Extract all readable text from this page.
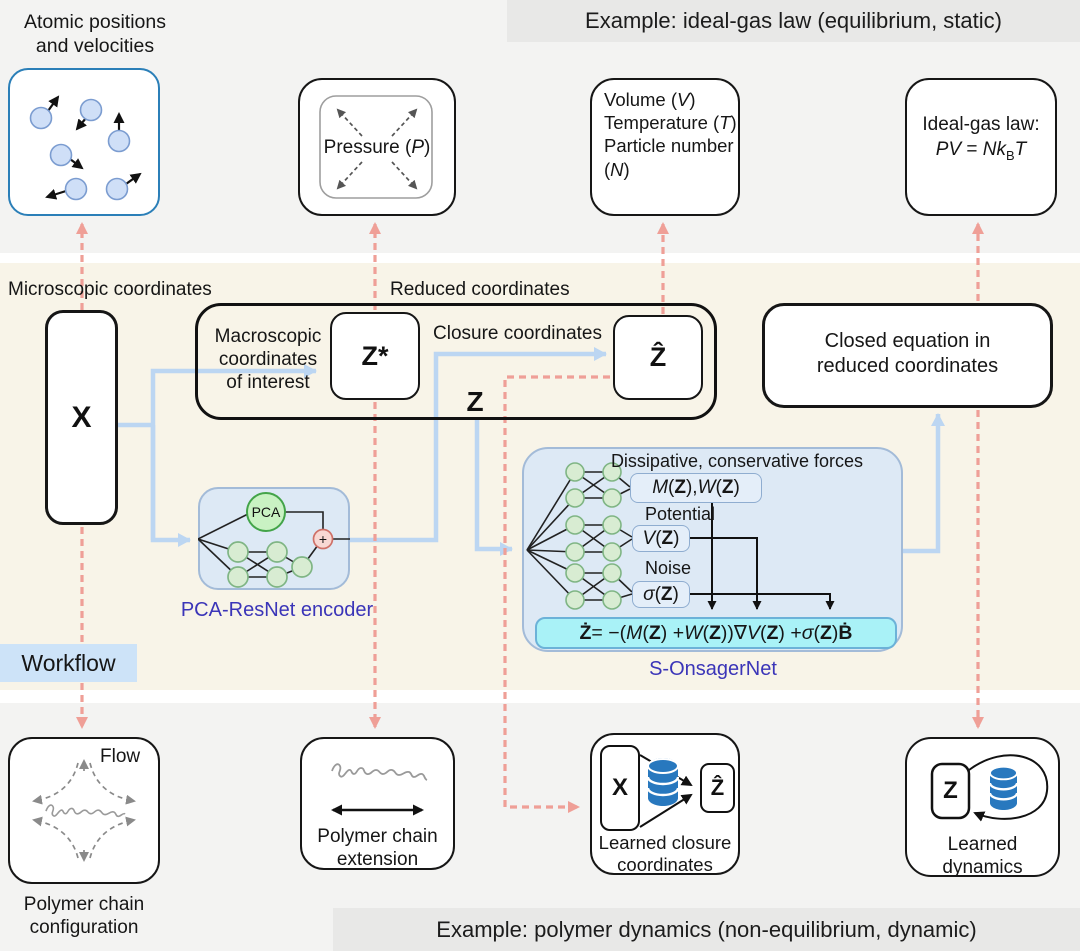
Example: ideal-gas law (equilibrium, static)
Example: polymer dynamics (non-equilibrium, dynamic)
Atomic positions
and velocities
Pressure (P)
Volume (V)
Temperature (T)
Particle number
(N)
Ideal-gas law:
PV = $Nk_BT$
Microscopic coordinates	Reduced coordinates
X
Macroscopic
coordinates
of interest
Z*
Closure coordinates
Ẑ
Z
Closed equation in
reduced coordinates
PCA
+
PCA-ResNet encoder
Dissipative, conservative forces
M ( Z ), W ( Z )
Potential
V ( Z )
Noise
σ ( Z )
Ż = −( M ( Z ) + W ( Z ))∇ V ( Z ) + σ ( Z ) Ḃ
S-OnsagerNet
Workflow
Flow
Polymer chain
configuration
Polymer chain
extension
X	Ẑ
Learned closure
coordinates
Z
Learned
dynamics
